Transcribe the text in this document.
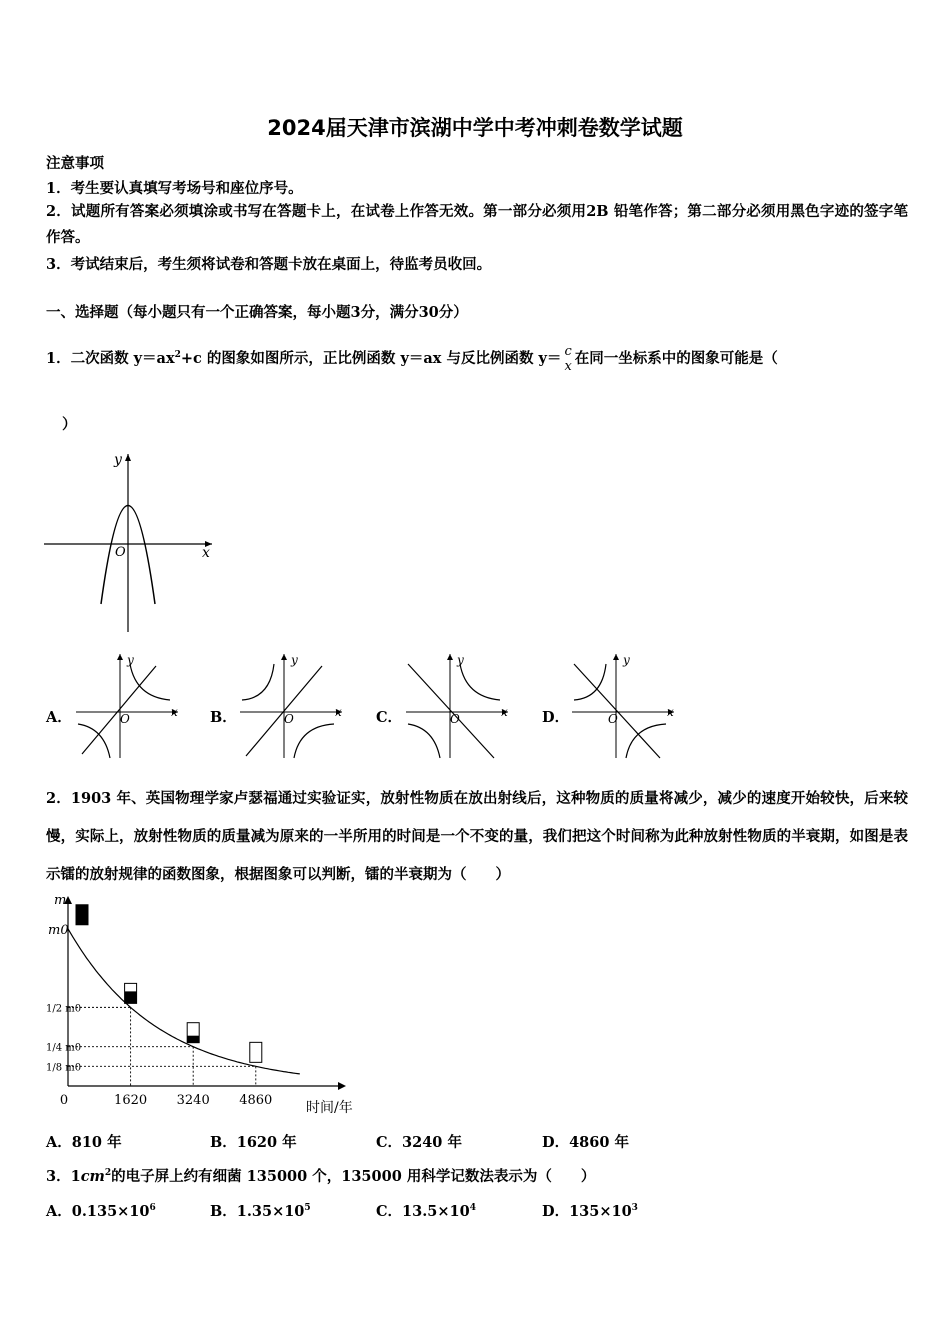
2024届天津市滨湖中学中考冲刺卷数学试题
注意事项
1．考生要认真填写考场号和座位序号。
2．试题所有答案必须填涂或书写在答题卡上，在试卷上作答无效。第一部分必须用2B 铅笔作答；第二部分必须用黑色字迹的签字笔作答。
3．考试结束后，考生须将试卷和答题卡放在桌面上，待监考员收回。
一、选择题（每小题只有一个正确答案，每小题3分，满分30分）
1．二次函数 $y=ax^2+c$ 的图象如图所示，正比例函数 y＝ax 与反比例函数 y＝ c
x 在同一坐标系中的图象可能是（
）
y
x
O
A．
y
x
O	B．
y
x
O	C．
y
x
O	D．
y
x
O
2．1903 年、英国物理学家卢瑟福通过实验证实，放射性物质在放出射线后，这种物质的质量将减少，减少的速度开始较快，后来较慢，实际上，放射性物质的质量减为原来的一半所用的时间是一个不变的量，我们把这个时间称为此种放射性物质的半衰期，如图是表示镭的放射规律的函数图象，根据图象可以判断，镭的半衰期为（　　）
m
时间/年
0	1620 3240 4860
m0
1/2 m0
1/4 m0
1/8 m0
A．810 年	B．1620 年	C．3240 年	D．4860 年
3．$1cm^2$的电子屏上约有细菌 135000 个，135000 用科学记数法表示为（　　）
A．$0.135\times 10^6$	B．$1.35\times 10^5$	C．$13.5\times 10^4$	D．$135\times 10^3$
